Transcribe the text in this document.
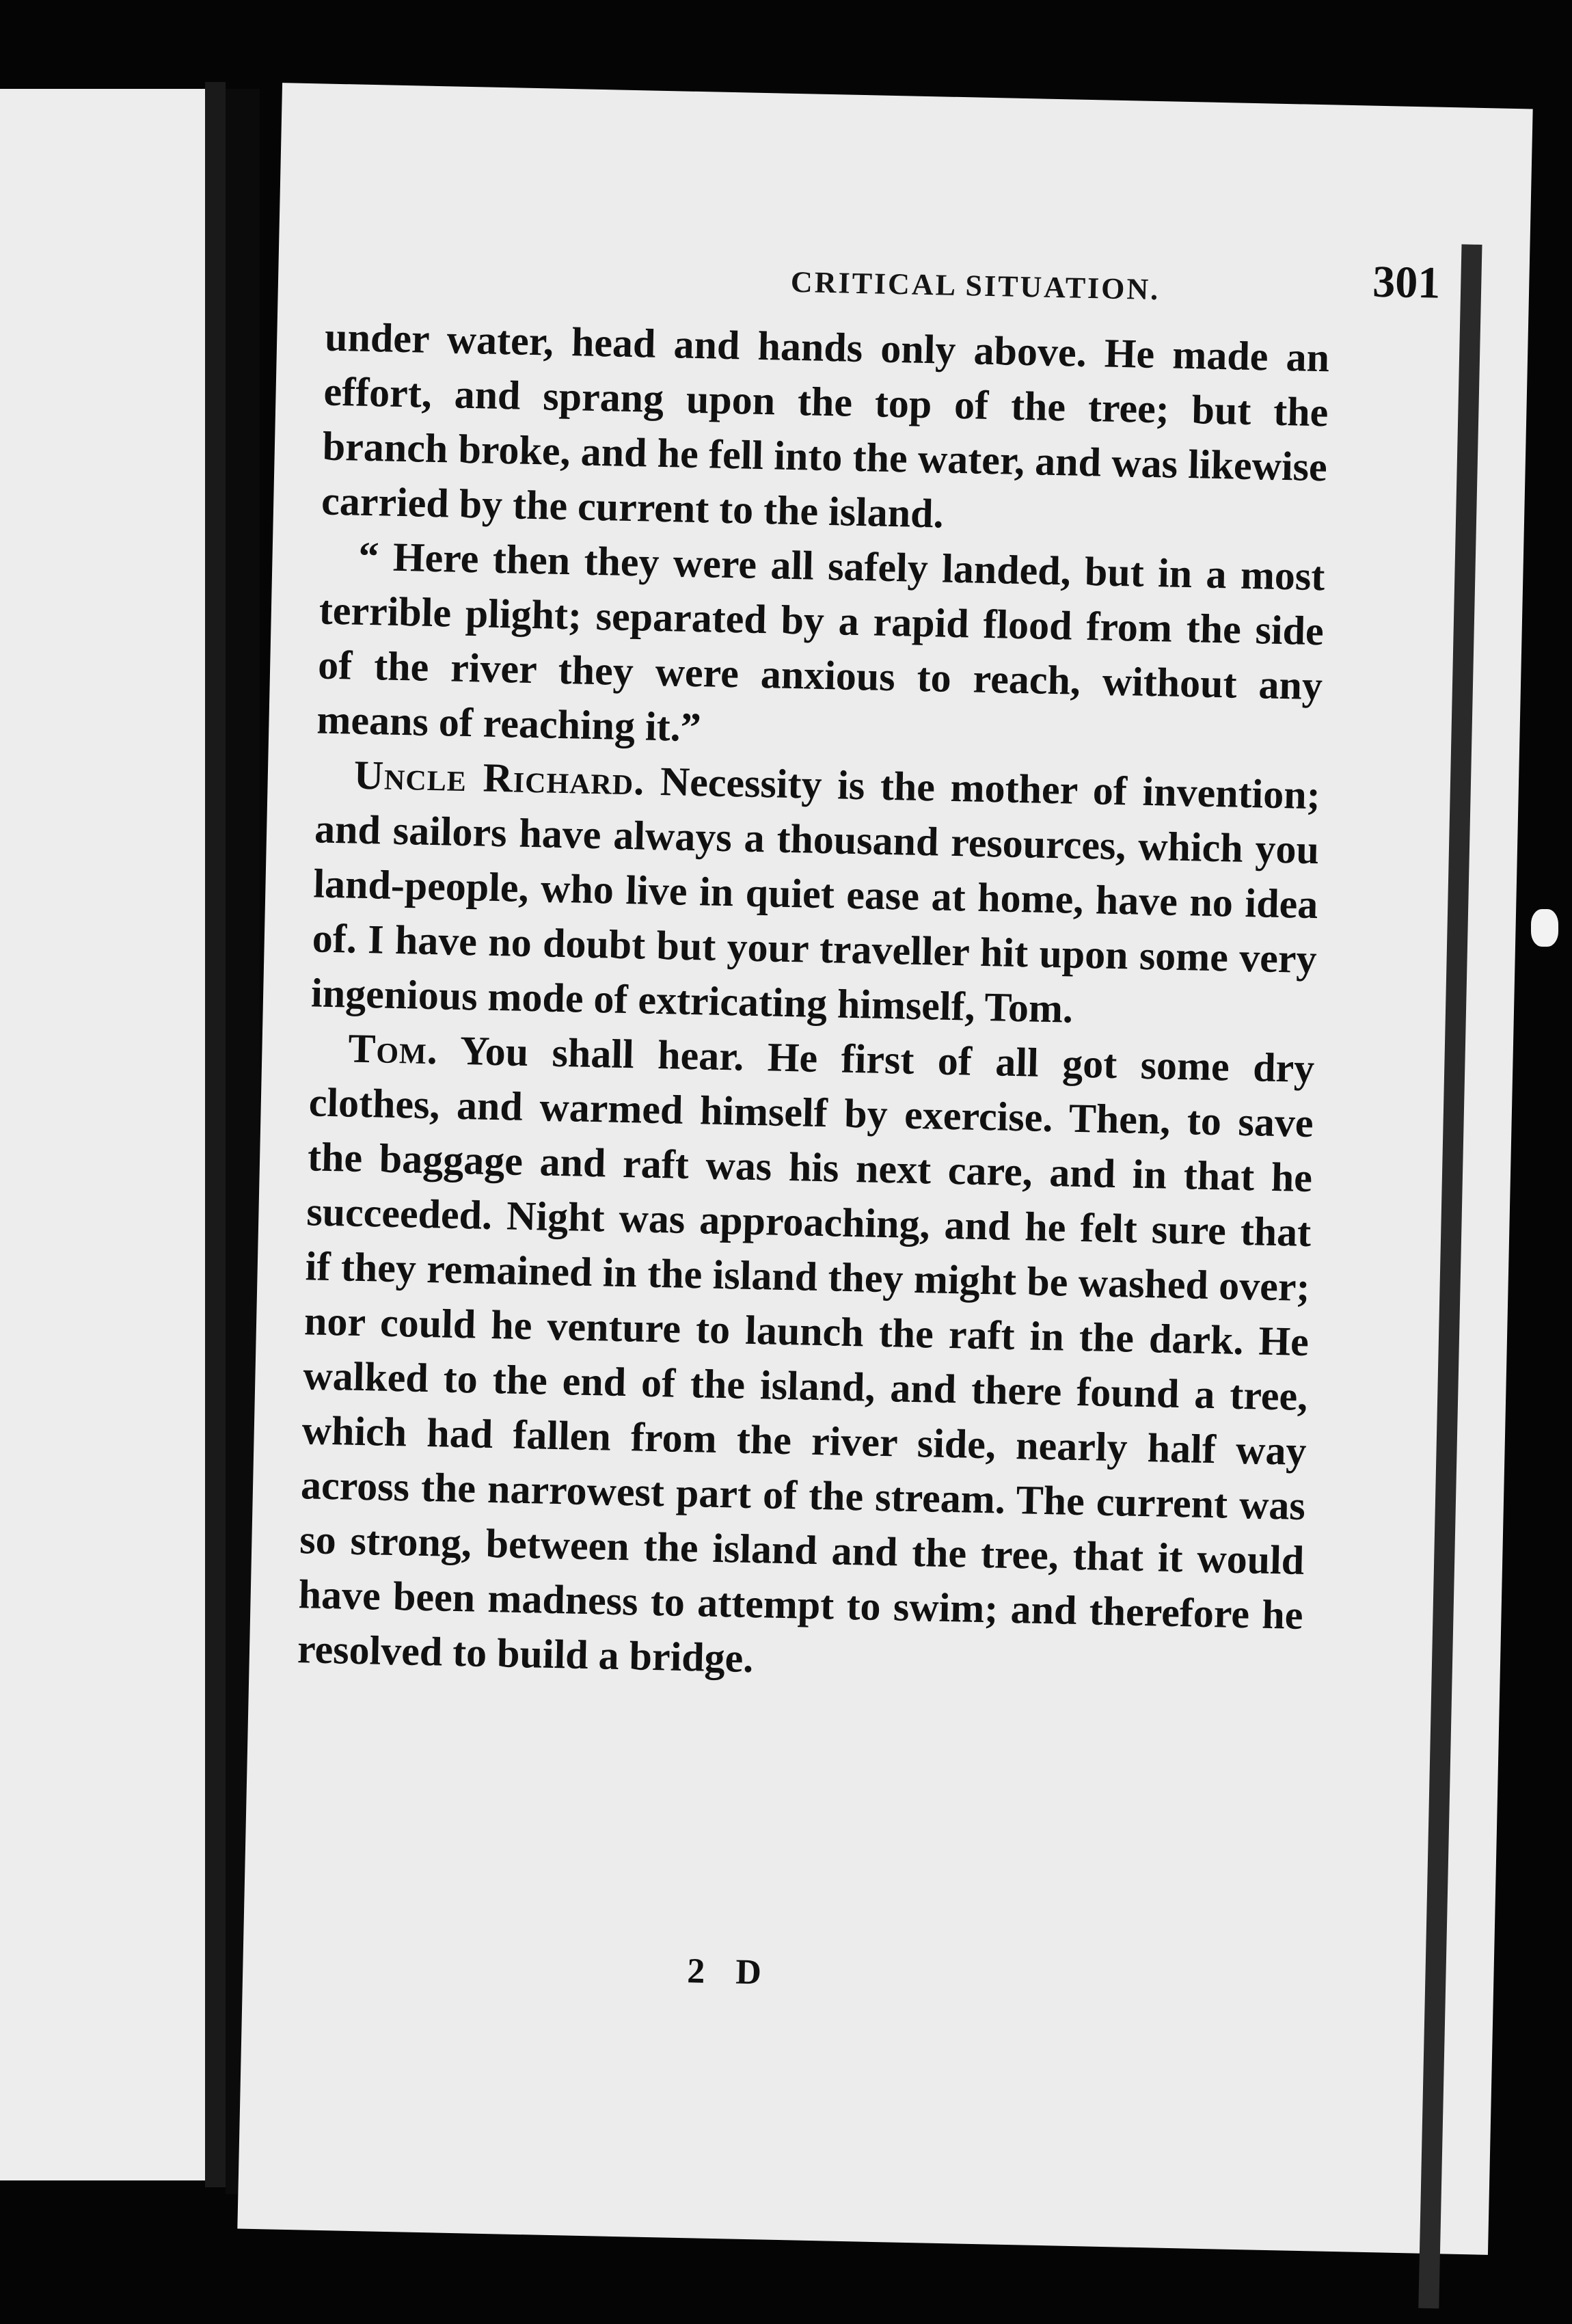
CRITICAL SITUATION.	301

under water, head and hands only above. He made an effort, and sprang upon the top of the tree; but the branch broke, and he fell into the water, and was likewise carried by the current to the island.

“ Here then they were all safely landed, but in a most terrible plight; separated by a rapid flood from the side of the river they were anxious to reach, without any means of reaching it.”

Uncle Richard. Necessity is the mother of invention; and sailors have always a thousand resources, which you land-people, who live in quiet ease at home, have no idea of. I have no doubt but your traveller hit upon some very ingenious mode of extricating himself, Tom.

Tom. You shall hear. He first of all got some dry clothes, and warmed himself by exercise. Then, to save the baggage and raft was his next care, and in that he succeeded. Night was approaching, and he felt sure that if they remained in the island they might be washed over; nor could he venture to launch the raft in the dark. He walked to the end of the island, and there found a tree, which had fallen from the river side, nearly half way across the narrowest part of the stream. The current was so strong, between the island and the tree, that it would have been madness to attempt to swim; and therefore he resolved to build a bridge.

2 D
